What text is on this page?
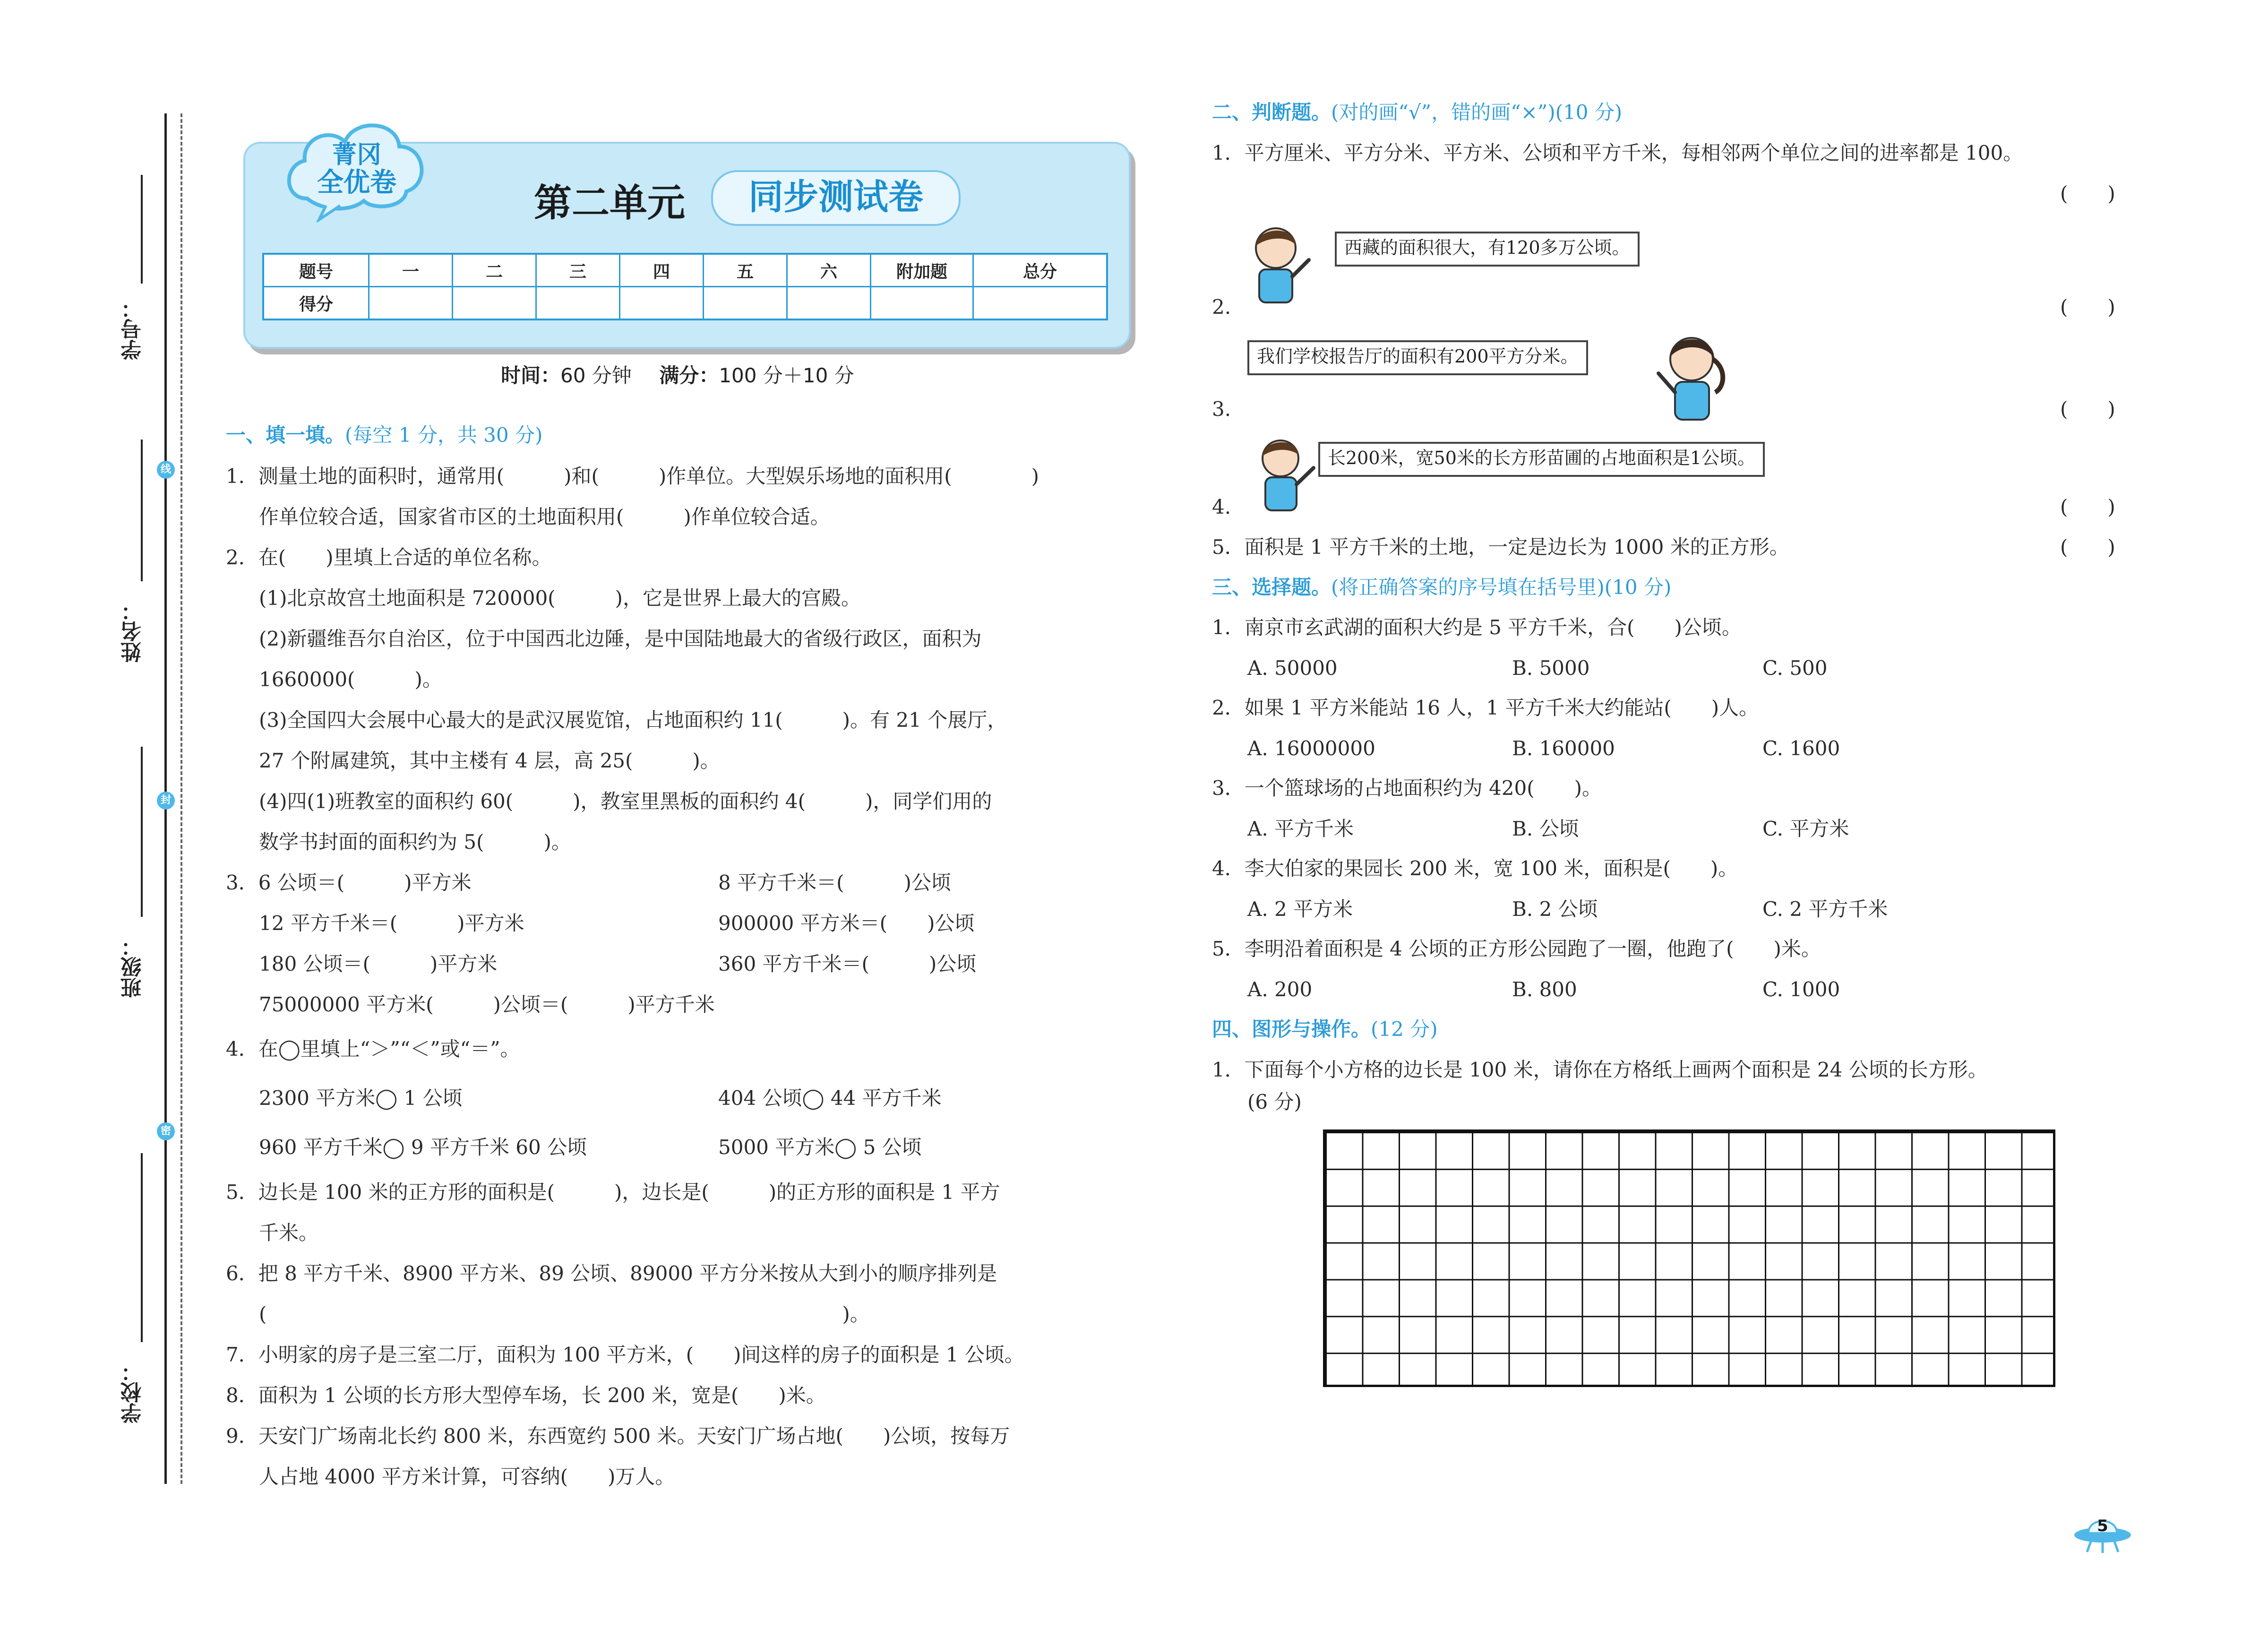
学号：
姓名：
班级：
学校：
线
封
密
菁冈
全优卷	第二单元	同步测试卷
题号	一	二	三	四	五	六	附加题	总分
得分								
时间：60 分钟 满分：100 分＋10 分
一、填一填。(每空 1 分，共 30 分)
1．测量土地的面积时，通常用(　　　)和(　　　)作单位。大型娱乐场地的面积用(　　　　)
作单位较合适，国家省市区的土地面积用(　　　)作单位较合适。
2．在(　　)里填上合适的单位名称。
(1)北京故宫土地面积是 720000(　　　)，它是世界上最大的宫殿。
(2)新疆维吾尔自治区，位于中国西北边陲，是中国陆地最大的省级行政区，面积为
1660000(　　　)。
(3)全国四大会展中心最大的是武汉展览馆，占地面积约 11(　　　)。有 21 个展厅，
27 个附属建筑，其中主楼有 4 层，高 25(　　　)。
(4)四(1)班教室的面积约 60(　　　)，教室里黑板的面积约 4(　　　)，同学们用的
数学书封面的面积约为 5(　　　)。
3．6 公顷＝(　　　)平方米	8 平方千米＝(　　　)公顷
12 平方千米＝(　　　)平方米	900000 平方米＝(　　)公顷
180 公顷＝(　　　)平方米	360 平方千米＝(　　　)公顷
75000000 平方米(　　　)公顷＝(　　　)平方千米
4．在◯里填上“＞”“＜”或“＝”。
2300 平方米◯ 1 公顷	404 公顷◯ 44 平方千米
960 平方千米◯ 9 平方千米 60 公顷	5000 平方米◯ 5 公顷
5．边长是 100 米的正方形的面积是(　　　)，边长是(　　　)的正方形的面积是 1 平方
千米。
6．把 8 平方千米、8900 平方米、89 公顷、89000 平方分米按从大到小的顺序排列是
(　　　　　　　　　　　　　　　　　　　　　　　　　　　　　)。
7．小明家的房子是三室二厅，面积为 100 平方米，(　　)间这样的房子的面积是 1 公顷。
8．面积为 1 公顷的长方形大型停车场，长 200 米，宽是(　　)米。
9．天安门广场南北长约 800 米，东西宽约 500 米。天安门广场占地(　　)公顷，按每万
人占地 4000 平方米计算，可容纳(　　)万人。
二、判断题。(对的画“√”，错的画“×”)(10 分)
1．平方厘米、平方分米、平方米、公顷和平方千米，每相邻两个单位之间的进率都是 100。
(　　)
西藏的面积很大，有120多万公顷。
2.	(　　)
我们学校报告厅的面积有200平方分米。
3.	(　　)
长200米，宽50米的长方形苗圃的占地面积是1公顷。
4.	(　　)
5．面积是 1 平方千米的土地，一定是边长为 1000 米的正方形。	(　　)
三、选择题。(将正确答案的序号填在括号里)(10 分)
1．南京市玄武湖的面积大约是 5 平方千米，合(　　)公顷。
A. 50000	B. 5000	C. 500
2．如果 1 平方米能站 16 人，1 平方千米大约能站(　　)人。
A. 16000000	B. 160000	C. 1600
3．一个篮球场的占地面积约为 420(　　)。
A. 平方千米	B. 公顷	C. 平方米
4．李大伯家的果园长 200 米，宽 100 米，面积是(　　)。
A. 2 平方米	B. 2 公顷	C. 2 平方千米
5．李明沿着面积是 4 公顷的正方形公园跑了一圈，他跑了(　　)米。
A. 200	B. 800	C. 1000
四、图形与操作。(12 分)
1．下面每个小方格的边长是 100 米，请你在方格纸上画两个面积是 24 公顷的长方形。
(6 分)
5
